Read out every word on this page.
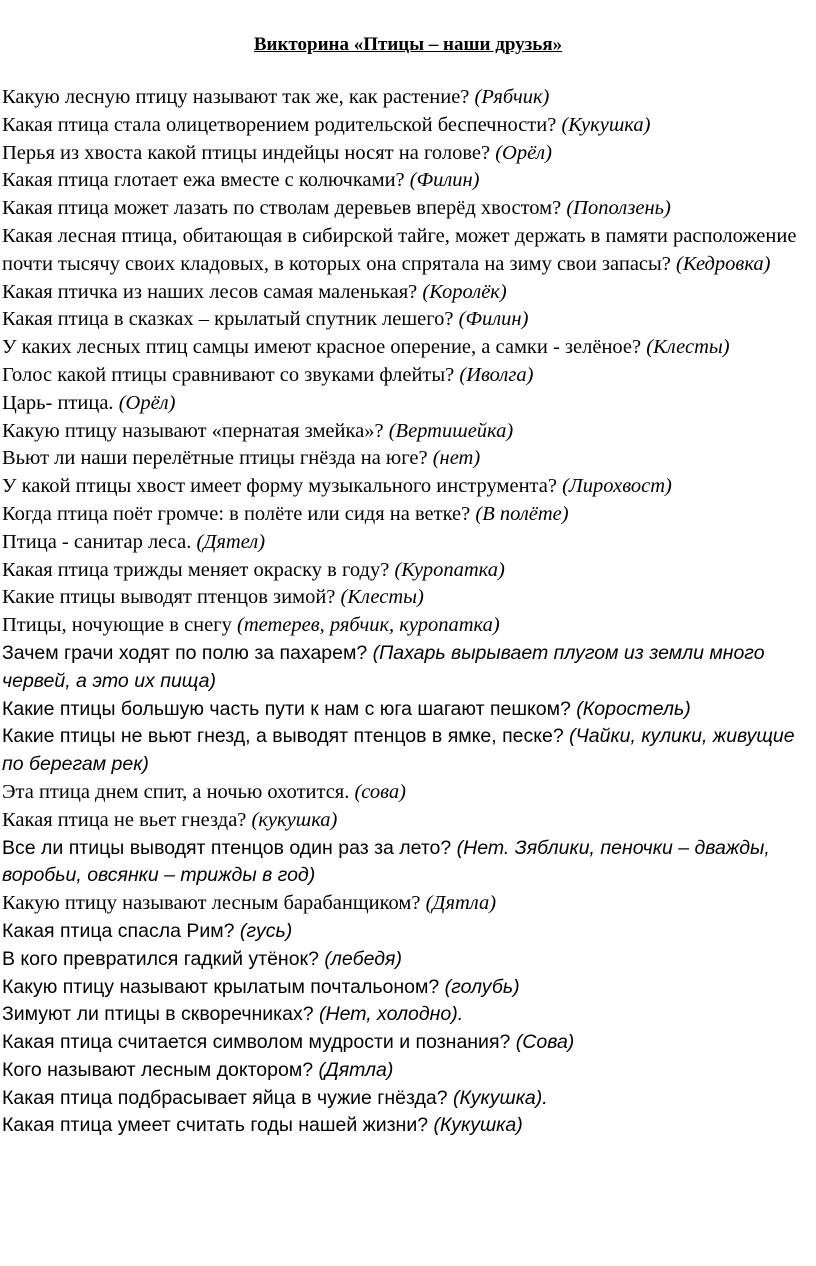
Викторина «Птицы – наши друзья»

Какую лесную птицу называют так же, как растение? (Рябчик)

Какая птица стала олицетворением родительской беспечности? (Кукушка)

Перья из хвоста какой птицы индейцы носят на голове? (Орёл)

Какая птица глотает ежа вместе с колючками? (Филин)

Какая птица может лазать по стволам деревьев вперёд хвостом? (Поползень)

Какая лесная птица, обитающая в сибирской тайге, может держать в памяти расположение почти тысячу своих кладовых, в которых она спрятала на зиму свои запасы? (Кедровка)

Какая птичка из наших лесов самая маленькая? (Королёк)

Какая птица в сказках – крылатый спутник лешего? (Филин)

У каких лесных птиц самцы имеют красное оперение, а самки - зелёное? (Клесты)

Голос какой птицы сравнивают со звуками флейты? (Иволга)

Царь- птица. (Орёл)

Какую птицу называют «пернатая змейка»? (Вертишейка)

Вьют ли наши перелётные птицы гнёзда на юге? (нет)

У какой птицы хвост имеет форму музыкального инструмента? (Лирохвост)

Когда птица поёт громче: в полёте или сидя на ветке? (В полёте)

Птица - санитар леса. (Дятел)

Какая птица трижды меняет окраску в году? (Куропатка)

Какие птицы выводят птенцов зимой? (Клесты)

Птицы, ночующие в снегу (тетерев, рябчик, куропатка)

Зачем грачи ходят по полю за пахарем? (Пахарь вырывает плугом из земли много червей, а это их пища)

Какие птицы большую часть пути к нам с юга шагают пешком? (Коростель)

Какие птицы не вьют гнезд, а выводят птенцов в ямке, песке? (Чайки, кулики, живущие по берегам рек)

Эта птица днем спит, а ночью охотится. (сова)

Какая птица не вьет гнезда? (кукушка)

Все ли птицы выводят птенцов один раз за лето? (Нет. Зяблики, пеночки – дважды, воробьи, овсянки – трижды в год)

Какую птицу называют лесным барабанщиком? (Дятла)

Какая птица спасла Рим? (гусь)

В кого превратился гадкий утёнок? (лебедя)

Какую птицу называют крылатым почтальоном? (голубь)

Зимуют ли птицы в скворечниках? (Нет, холодно).

Какая птица считается символом мудрости и познания? (Сова)

Кого называют лесным доктором? (Дятла)

Какая птица подбрасывает яйца в чужие гнёзда? (Кукушка).

Какая птица умеет считать годы нашей жизни? (Кукушка)
